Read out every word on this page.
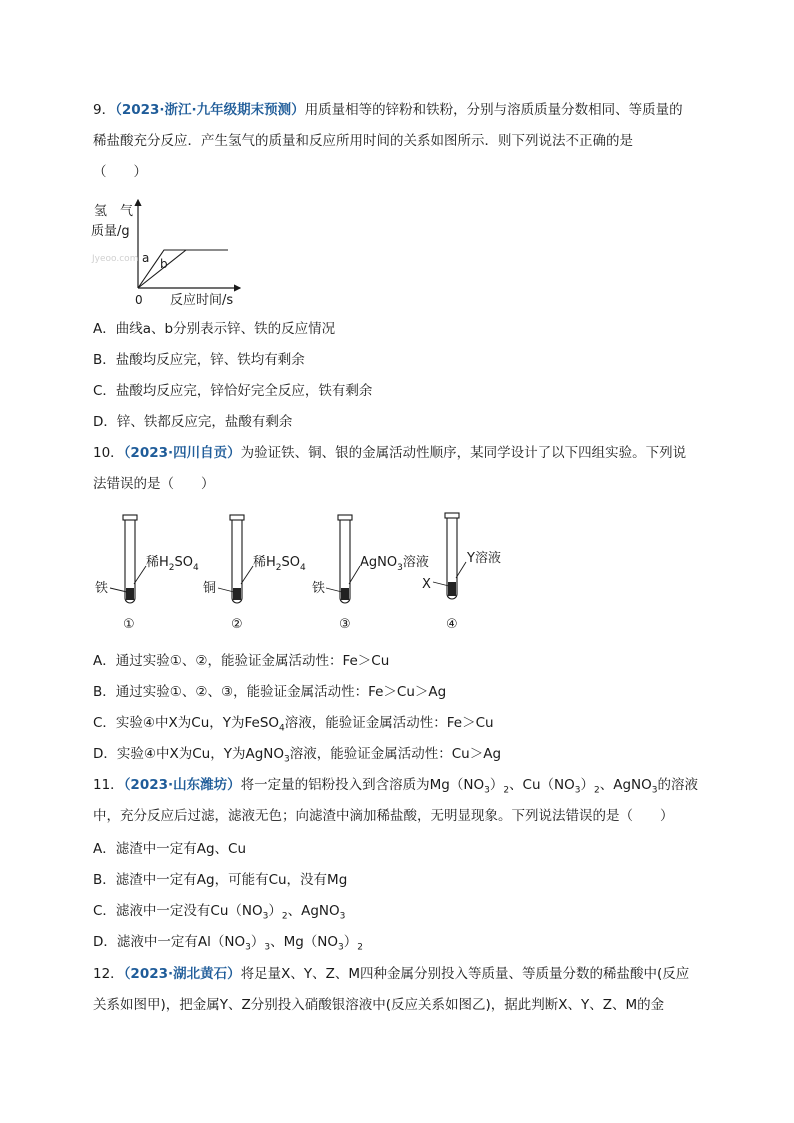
9．（2023·浙江·九年级期末预测）用质量相等的锌粉和铁粉，分别与溶质质量分数相同、等质量的
稀盐酸充分反应．产生氢气的质量和反应所用时间的关系如图所示．则下列说法不正确的是
（　　）
氢　气
质量/g
Jyeoo.com a b
0 反应时间/s
A．曲线a、b分别表示锌、铁的反应情况
B．盐酸均反应完，锌、铁均有剩余
C．盐酸均反应完，锌恰好完全反应，铁有剩余
D．锌、铁都反应完，盐酸有剩余
10．（2023·四川自贡）为验证铁、铜、银的金属活动性顺序，某同学设计了以下四组实验。下列说
法错误的是（　　）
稀$H_2SO_4$
铁
①
稀$H_2SO_4$
铜
②
AgNO$_3$溶液
铁
③
Y溶液
X
④
A．通过实验①、②，能验证金属活动性：Fe＞Cu
B．通过实验①、②、③，能验证金属活动性：Fe＞Cu＞Ag
C．实验④中X为Cu，Y为FeSO$_4$溶液，能验证金属活动性：Fe＞Cu
D．实验④中X为Cu，Y为AgNO$_3$溶液，能验证金属活动性：Cu＞Ag
11．（2023·山东潍坊）将一定量的铝粉投入到含溶质为$Mg(NO_3)_2$、$Cu(NO_3)_2$、AgNO$_3$的溶液
中，充分反应后过滤，滤液无色；向滤渣中滴加稀盐酸，无明显现象。下列说法错误的是（　　）
A．滤渣中一定有Ag、Cu
B．滤渣中一定有Ag，可能有Cu，没有Mg
C．滤液中一定没有$Cu(NO_3)_2$、AgNO$_3$
D．滤液中一定有$Al(NO_3)_3$、$Mg(NO_3)_2$
12．（2023·湖北黄石）将足量X、Y、Z、M四种金属分别投入等质量、等质量分数的稀盐酸中(反应
关系如图甲)，把金属Y、Z分别投入硝酸银溶液中(反应关系如图乙)，据此判断X、Y、Z、M的金
